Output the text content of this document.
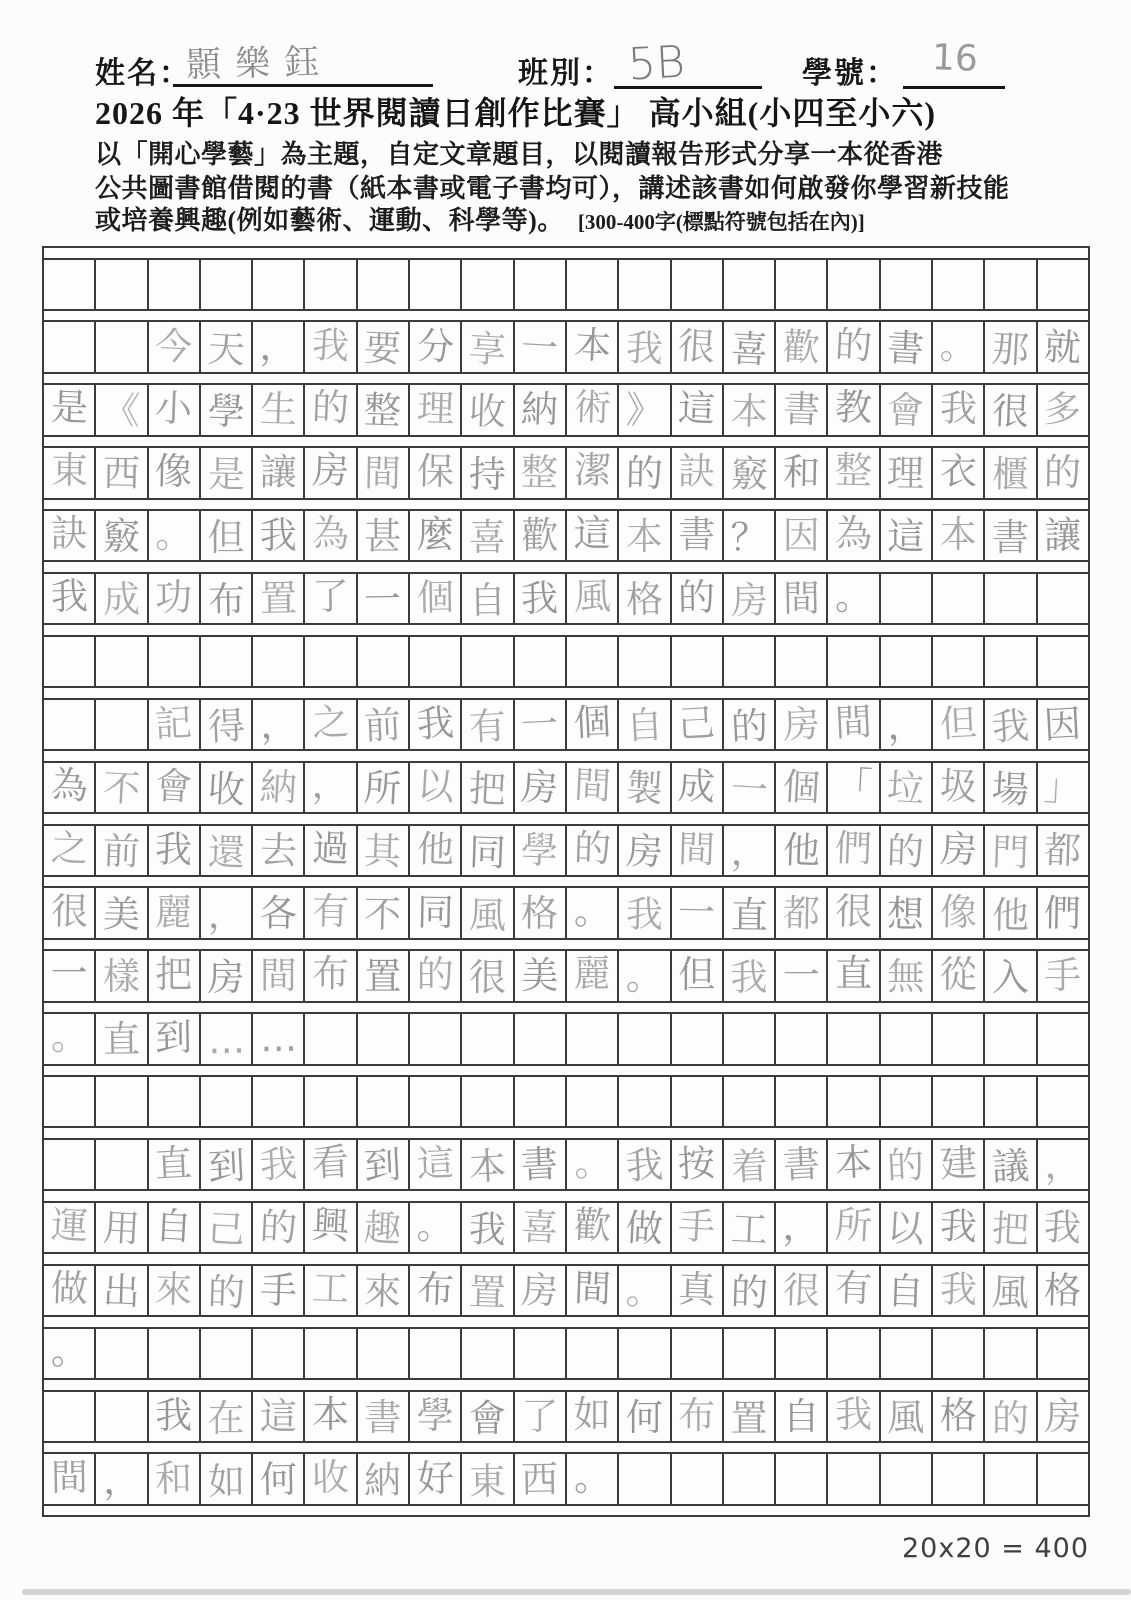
姓名：
顥樂鈺	班別： 5B	學號： 16
2026 年「4·23 世界閱讀日創作比賽」 高小組(小四至小六)
以「開心學藝」為主題，自定文章題目，以閱讀報告形式分享一本從香港
公共圖書館借閱的書（紙本書或電子書均可），講述該書如何啟發你學習新技能
或培養興趣(例如藝術、運動、科學等)。 [300-400字(標點符號包括在內)]
今 天 ， 我 要 分 享 一 本 我 很 喜 歡 的 書 。 那 就
是 《 小 學 生 的 整 理 收 納 術 》 這 本 書 教 會 我 很 多
東 西 像 是 讓 房 間 保 持 整 潔 的 訣 竅 和 整 理 衣 櫃 的
訣 竅 。 但 我 為 甚 麼 喜 歡 這 本 書 ？ 因 為 這 本 書 讓
我 成 功 布 置 了 一 個 自 我 風 格 的 房 間 。
記 得 ， 之 前 我 有 一 個 自 己 的 房 間 ， 但 我 因
為 不 會 收 納 ， 所 以 把 房 間 製 成 一 個 「 垃 圾 場 」
之 前 我 還 去 過 其 他 同 學 的 房 間 ， 他 們 的 房 門 都
很 美 麗 ， 各 有 不 同 風 格 。 我 一 直 都 很 想 像 他 們
一 樣 把 房 間 布 置 的 很 美 麗 。 但 我 一 直 無 從 入 手
。 直 到 … …
直 到 我 看 到 這 本 書 。 我 按 着 書 本 的 建 議 ，
運 用 自 己 的 興 趣 。 我 喜 歡 做 手 工 ， 所 以 我 把 我
做 出 來 的 手 工 來 布 置 房 間 。 真 的 很 有 自 我 風 格
。
我 在 這 本 書 學 會 了 如 何 布 置 自 我 風 格 的 房
間 ， 和 如 何 收 納 好 東 西 。
20x20 = 400
